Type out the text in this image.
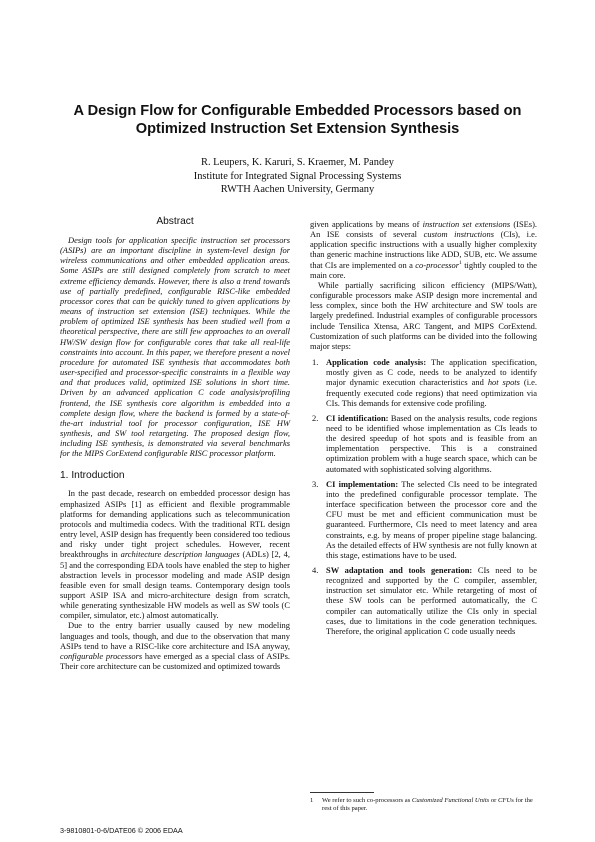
A Design Flow for Configurable Embedded Processors based on Optimized Instruction Set Extension Synthesis
R. Leupers, K. Karuri, S. Kraemer, M. Pandey
Institute for Integrated Signal Processing Systems
RWTH Aachen University, Germany
Abstract

Design tools for application specific instruction set processors (ASIPs) are an important discipline in system-level design for wireless communications and other embedded application areas. Some ASIPs are still designed completely from scratch to meet extreme efficiency demands. However, there is also a trend towards use of partially predefined, configurable RISC-like embedded processor cores that can be quickly tuned to given applications by means of instruction set extension (ISE) techniques. While the problem of optimized ISE synthesis has been studied well from a theoretical perspective, there are still few approaches to an overall HW/SW design flow for configurable cores that take all real-life constraints into account. In this paper, we therefore present a novel procedure for automated ISE synthesis that accommodates both user-specified and processor-specific constraints in a flexible way and that produces valid, optimized ISE solutions in short time. Driven by an advanced application C code analysis/profiling frontend, the ISE synthesis core algorithm is embedded into a complete design flow, where the backend is formed by a state-of-the-art industrial tool for processor configuration, ISE HW synthesis, and SW tool retargeting. The proposed design flow, including ISE synthesis, is demonstrated via several benchmarks for the MIPS CorExtend configurable RISC processor platform.

1. Introduction

In the past decade, research on embedded processor design has emphasized ASIPs [1] as efficient and flexible programmable platforms for demanding applications such as telecommunication protocols and multimedia codecs. With the traditional RTL design entry level, ASIP design has frequently been considered too tedious and risky under tight project schedules. However, recent breakthroughs in architecture description languages (ADLs) [2, 4, 5] and the corresponding EDA tools have enabled the step to higher abstraction levels in processor modeling and made ASIP design feasible even for small design teams. Contemporary design tools support ASIP ISA and micro-architecture design from scratch, while generating synthesizable HW models as well as SW tools (C compiler, simulator, etc.) almost automatically.

Due to the entry barrier usually caused by new modeling languages and tools, though, and due to the observation that many ASIPs tend to have a RISC-like core architecture and ISA anyway, configurable processors have emerged as a special class of ASIPs. Their core architecture can be customized and optimized towards

given applications by means of instruction set extensions (ISEs). An ISE consists of several custom instructions (CIs), i.e. application specific instructions with a usually higher complexity than generic machine instructions like ADD, SUB, etc. We assume that CIs are implemented on a co-processor$^1$ tightly coupled to the main core.

While partially sacrificing silicon efficiency (MIPS/Watt), configurable processors make ASIP design more incremental and less complex, since both the HW architecture and SW tools are largely predefined. Industrial examples of configurable processors include Tensilica Xtensa, ARC Tangent, and MIPS CorExtend. Customization of such platforms can be divided into the following major steps:

1. Application code analysis: The application specification, mostly given as C code, needs to be analyzed to identify major dynamic execution characteristics and hot spots (i.e. frequently executed code regions) that need optimization via CIs. This demands for extensive code profiling.
2. CI identification: Based on the analysis results, code regions need to be identified whose implementation as CIs leads to the desired speedup of hot spots and is feasible from an implementation perspective. This is a constrained optimization problem with a huge search space, which can be automated with sophisticated solving algorithms.
3. CI implementation: The selected CIs need to be integrated into the predefined configurable processor template. The interface specification between the processor core and the CFU must be met and efficient communication must be guaranteed. Furthermore, CIs need to meet latency and area constraints, e.g. by means of proper pipeline stage balancing. As the detailed effects of HW synthesis are not fully known at this stage, estimations have to be used.
4. SW adaptation and tools generation: CIs need to be recognized and supported by the C compiler, assembler, instruction set simulator etc. While retargeting of most of these SW tools can be performed automatically, the C compiler can automatically utilize the CIs only in special cases, due to limitations in the code generation techniques. Therefore, the original application C code usually needs
1	We refer to such co-processors as Customized Functional Units or CFUs for the rest of this paper.
3-9810801-0-6/DATE06 © 2006 EDAA
